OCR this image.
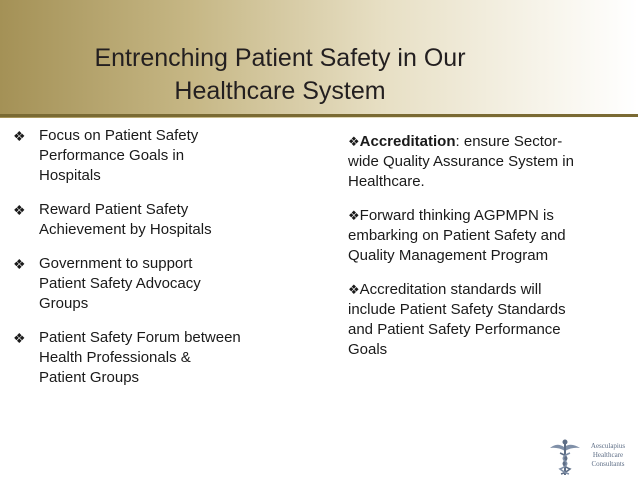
Entrenching Patient Safety in Our
Healthcare System
❖ Focus on Patient Safety
Performance Goals in
Hospitals
❖ Reward Patient Safety
Achievement by Hospitals
❖ Government to support
Patient Safety Advocacy
Groups
❖ Patient Safety Forum between
Health Professionals &
Patient Groups
❖Accreditation: ensure Sector-
wide Quality Assurance System in
Healthcare.
❖Forward thinking AGPMPN is
embarking on Patient Safety and
Quality Management Program
❖Accreditation standards will
include Patient Safety Standards
and Patient Safety Performance
Goals
Aesculapius
Healthcare
Consultants
